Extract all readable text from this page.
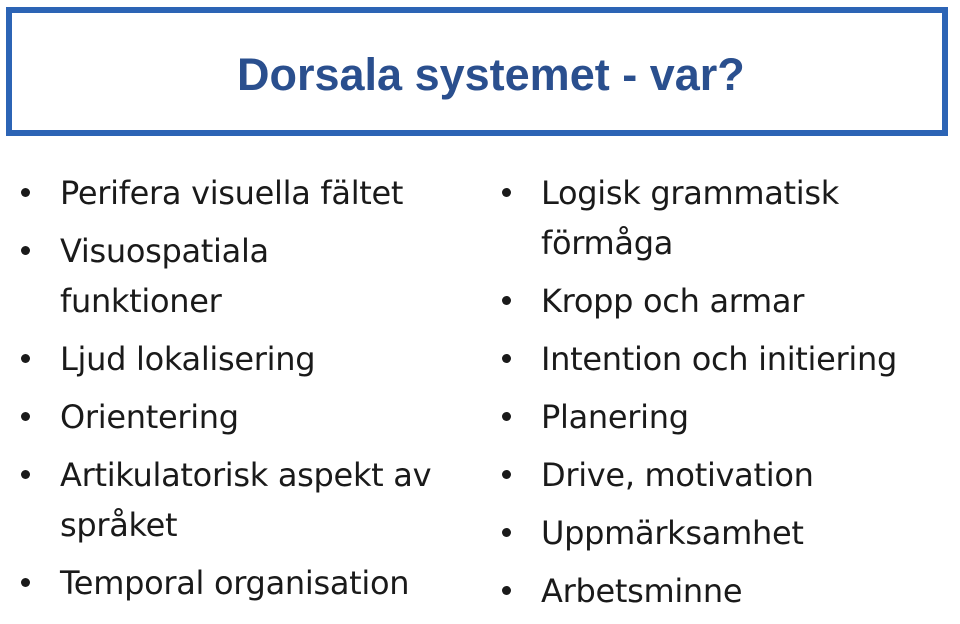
Dorsala systemet - var?
Perifera visuella fältet
Visuospatiala
funktioner
Ljud lokalisering
Orientering
Artikulatorisk aspekt av
språket
Temporal organisation
Logisk grammatisk
förmåga
Kropp och armar
Intention och initiering
Planering
Drive, motivation
Uppmärksamhet
Arbetsminne
